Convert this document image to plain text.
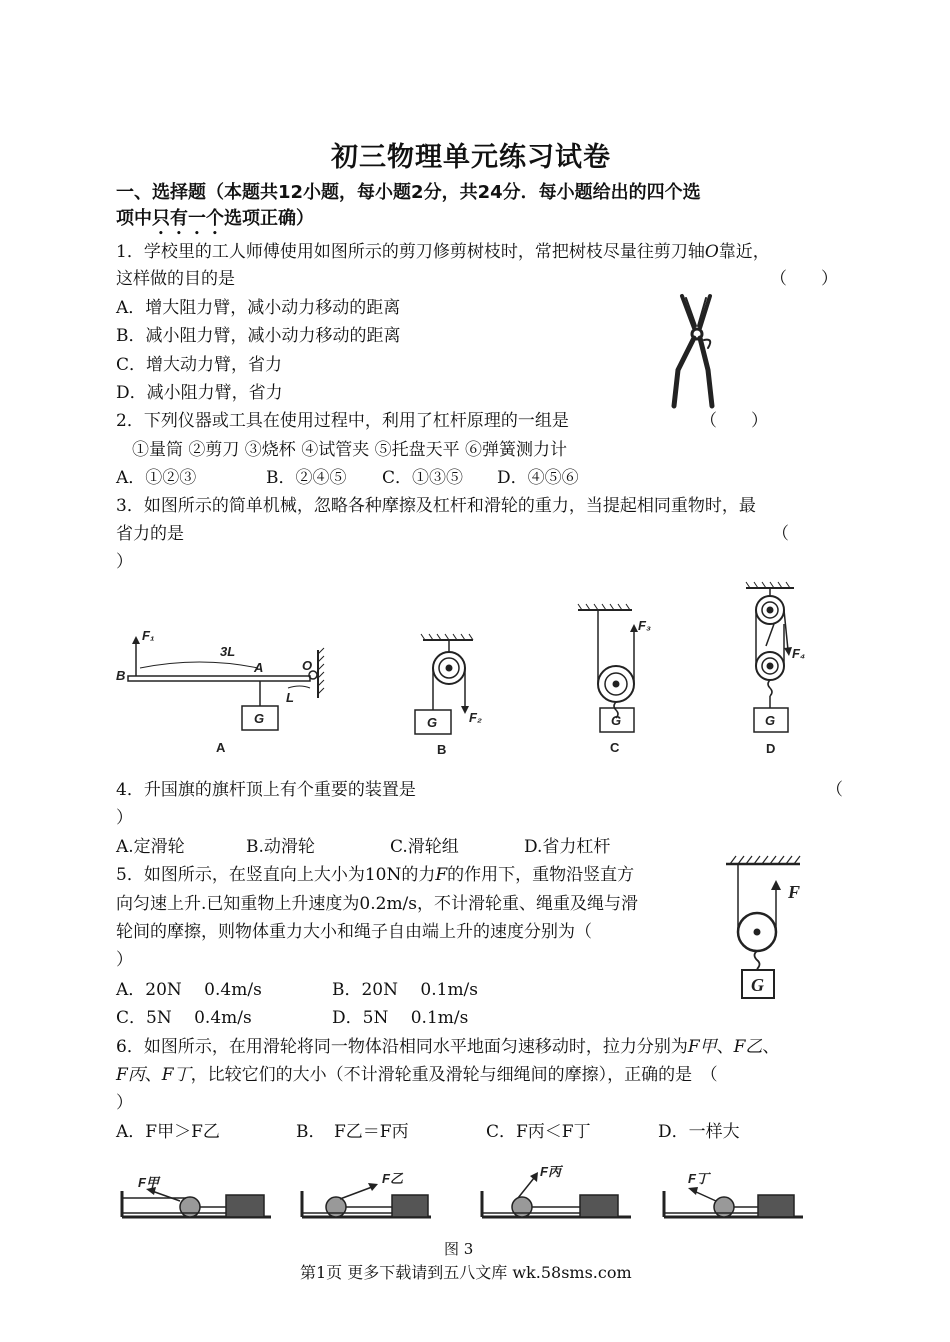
初三物理单元练习试卷
一、选择题（本题共12小题，每小题2分，共24分．每小题给出的四个选
项中只有一个选项正确）
1．学校里的工人师傅使用如图所示的剪刀修剪树枝时，常把树枝尽量往剪刀轴O靠近，
这样做的目的是	（　　）
A．增大阻力臂，减小动力移动的距离
B．减小阻力臂，减小动力移动的距离
C．增大动力臂，省力
D．减小阻力臂，省力
2．下列仪器或工具在使用过程中，利用了杠杆原理的一组是	（　　）
①量筒 ②剪刀 ③烧杯 ④试管夹 ⑤托盘天平 ⑥弹簧测力计
A．①②③	B．②④⑤ C．①③⑤ D．④⑤⑥
3．如图所示的简单机械，忽略各种摩擦及杠杆和滑轮的重力，当提起相同重物时，最
省力的是	（
）
F₁
B
3L
A	O
L
G
A
F₂
G
B
F₃
G
C
F₄
G
D
4．升国旗的旗杆顶上有个重要的装置是	（
）
A.定滑轮	B.动滑轮	C.滑轮组	D.省力杠杆
5．如图所示，在竖直向上大小为10N的力F的作用下，重物沿竖直方
向匀速上升.已知重物上升速度为0.2m/s，不计滑轮重、绳重及绳与滑
轮间的摩擦，则物体重力大小和绳子自由端上升的速度分别为（
）
A．20N　 0.4m/s	B．20N　 0.1m/s
C．5N　 0.4m/s	D．5N　 0.1m/s
F
G
6．如图所示，在用滑轮将同一物体沿相同水平地面匀速移动时，拉力分别为F甲、F乙、
F丙、F丁，比较它们的大小（不计滑轮重及滑轮与细绳间的摩擦），正确的是　（
）
A．F甲＞F乙	B．　F乙＝F丙	C．F丙＜F丁	D．一样大
F甲	F乙	F丙	F丁
图 3
第1页 更多下载请到五八文库 wk.58sms.com
